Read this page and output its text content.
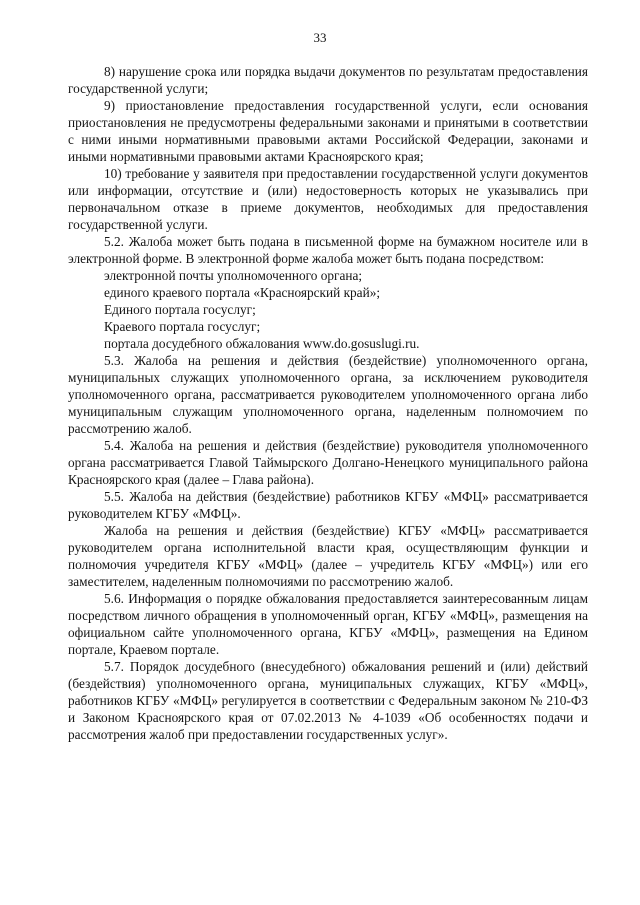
33

8) нарушение срока или порядка выдачи документов по результатам предоставления государственной услуги;

9) приостановление предоставления государственной услуги, если основания приостановления не предусмотрены федеральными законами и принятыми в соответствии с ними иными нормативными правовыми актами Российской Федерации, законами и иными нормативными правовыми актами Красноярского края;

10) требование у заявителя при предоставлении государственной услуги документов или информации, отсутствие и (или) недостоверность которых не указывались при первоначальном отказе в приеме документов, необходимых для предоставления государственной услуги.

5.2. Жалоба может быть подана в письменной форме на бумажном носителе или в электронной форме. В электронной форме жалоба может быть подана посредством:

электронной почты уполномоченного органа;

единого краевого портала «Красноярский край»;

Единого портала госуслуг;

Краевого портала госуслуг;

портала досудебного обжалования www.do.gosuslugi.ru.

5.3. Жалоба на решения и действия (бездействие) уполномоченного органа, муниципальных служащих уполномоченного органа, за исключением руководителя уполномоченного органа, рассматривается руководителем уполномоченного органа либо муниципальным служащим уполномоченного органа, наделенным полномочием по рассмотрению жалоб.

5.4. Жалоба на решения и действия (бездействие) руководителя уполномоченного органа рассматривается Главой Таймырского Долгано-Ненецкого муниципального района Красноярского края (далее – Глава района).

5.5. Жалоба на действия (бездействие) работников КГБУ «МФЦ» рассматривается руководителем КГБУ «МФЦ».

Жалоба на решения и действия (бездействие) КГБУ «МФЦ» рассматривается руководителем органа исполнительной власти края, осуществляющим функции и полномочия учредителя КГБУ «МФЦ» (далее – учредитель КГБУ «МФЦ») или его заместителем, наделенным полномочиями по рассмотрению жалоб.

5.6. Информация о порядке обжалования предоставляется заинтересованным лицам посредством личного обращения в уполномоченный орган, КГБУ «МФЦ», размещения на официальном сайте уполномоченного органа, КГБУ «МФЦ», размещения на Едином портале, Краевом портале.

5.7. Порядок досудебного (внесудебного) обжалования решений и (или) действий (бездействия) уполномоченного органа, муниципальных служащих, КГБУ «МФЦ», работников КГБУ «МФЦ» регулируется в соответствии с Федеральным законом № 210-ФЗ и Законом Красноярского края от 07.02.2013 № 4-1039 «Об особенностях подачи и рассмотрения жалоб при предоставлении государственных услуг».
